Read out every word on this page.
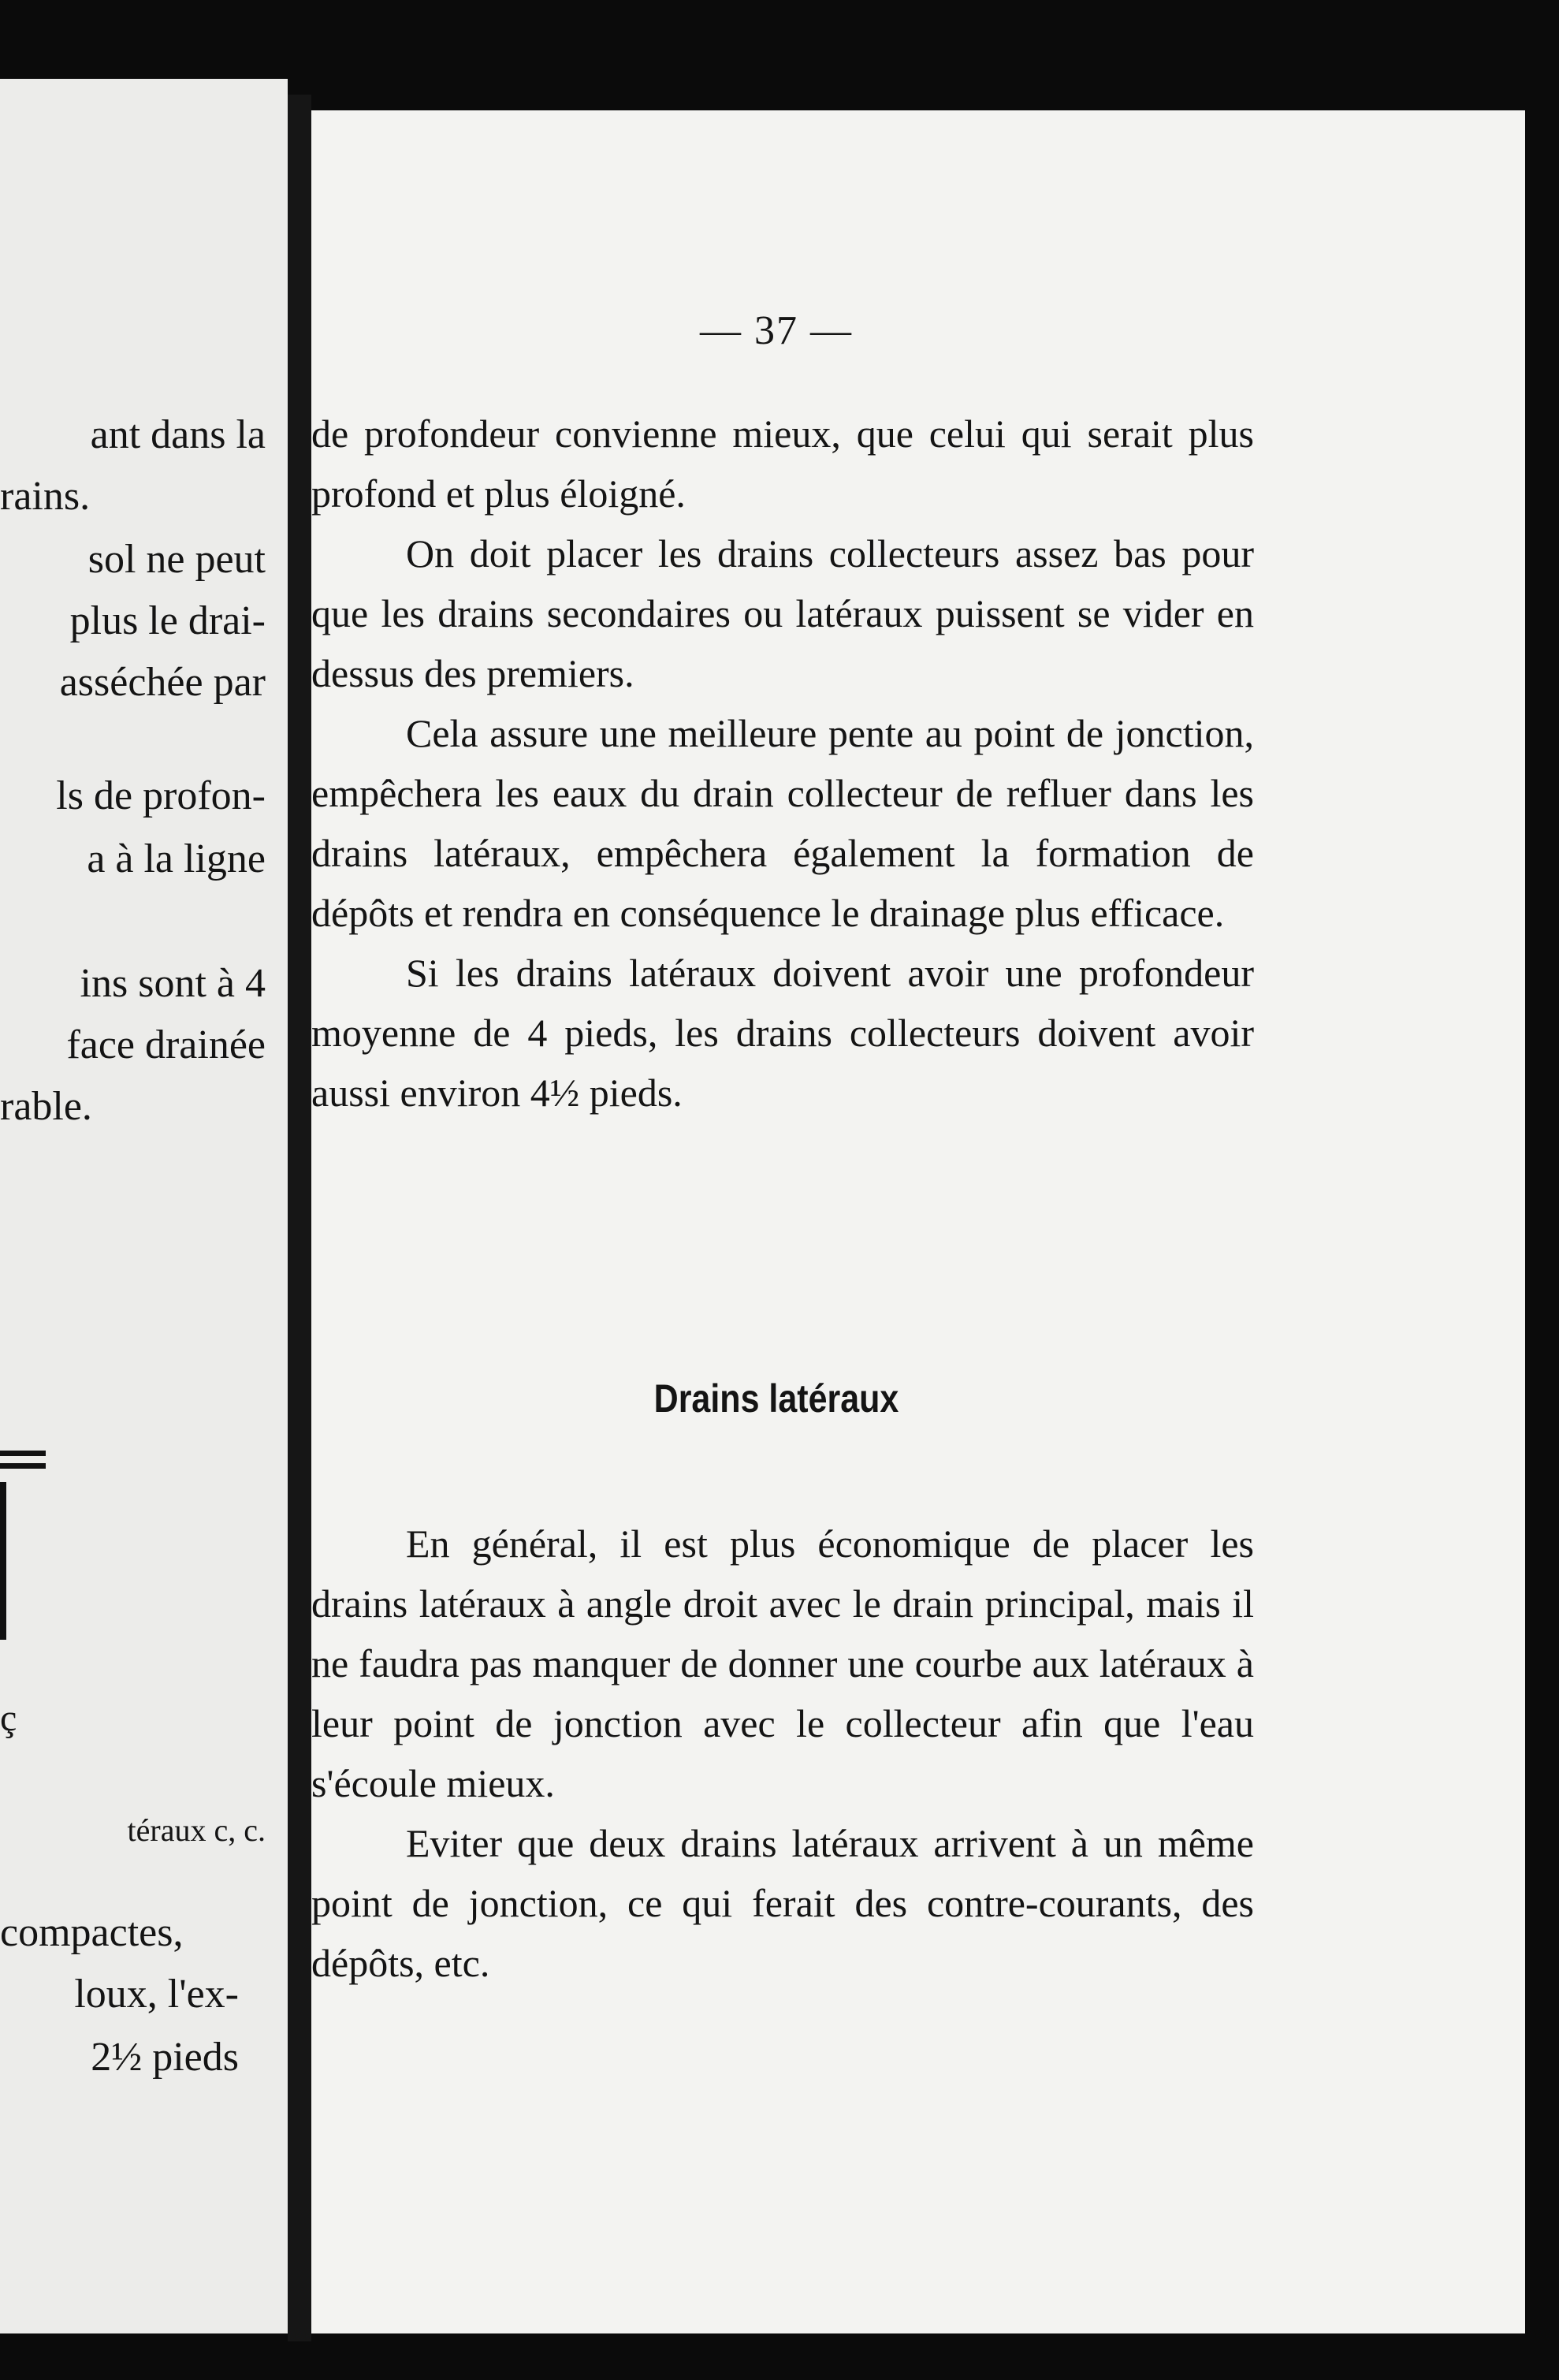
ant dans la
rains.
sol ne peut
plus le drai-
asséchée par
ls de profon-
a à la ligne
ins sont à 4
face drainée
rable.
ç
téraux c, c.
compactes,
loux, l'ex-
2½ pieds
— 37 —

de profondeur convienne mieux, que celui qui serait plus profond et plus éloigné.

On doit placer les drains collecteurs assez bas pour que les drains secondaires ou latéraux puissent se vider en dessus des premiers.

Cela assure une meilleure pente au point de jonction, empêchera les eaux du drain collecteur de refluer dans les drains latéraux, empêchera également la formation de dépôts et rendra en conséquence le drainage plus efficace.

Si les drains latéraux doivent avoir une profondeur moyenne de 4 pieds, les drains collecteurs doivent avoir aussi environ 4½ pieds.

Drains latéraux

En général, il est plus économique de placer les drains latéraux à angle droit avec le drain principal, mais il ne faudra pas manquer de donner une courbe aux latéraux à leur point de jonction avec le collecteur afin que l'eau s'écoule mieux.

Eviter que deux drains latéraux arrivent à un même point de jonction, ce qui ferait des contre-courants, des dépôts, etc.
